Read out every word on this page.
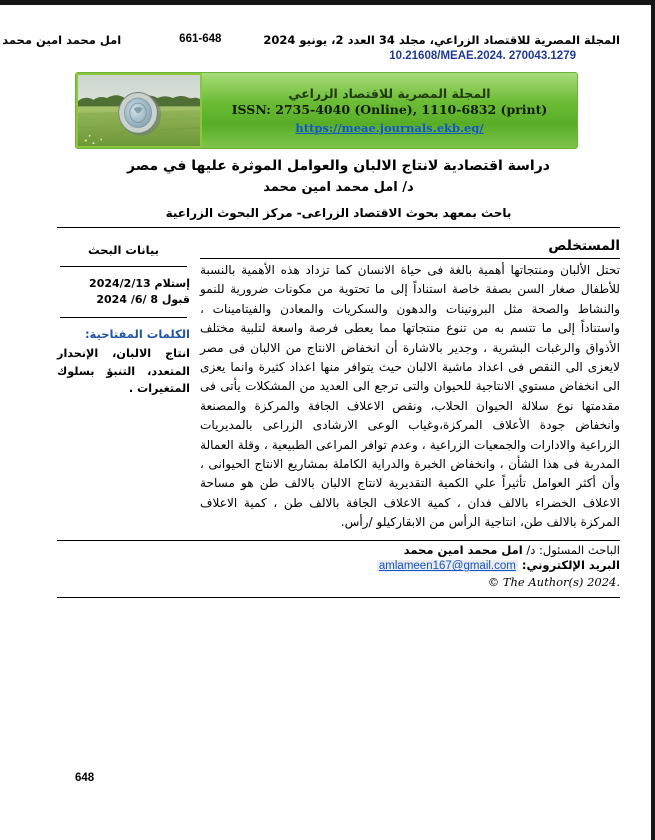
المجلة المصرية للاقتصاد الزراعي، مجلد 34 العدد 2، يونيو 2024
661-648
امل محمد امين محمد
10.21608/MEAE.2024. 270043.1279
المجلة المصرية للاقتصاد الزراعي
ISSN: 2735-4040 (Online), 1110-6832 (print)
https://meae.journals.ekb.eg/
دراسة اقتصادية لانتاج الالبان والعوامل الموثرة عليها في مصر
د/ امل محمد امين محمد
باحث بمعهد بحوث الاقتصاد الزراعى- مركز البحوث الزراعية
المستخلص

تحتل الألبان ومنتجاتها أهمية بالغة فى حياة الانسان كما تزداد هذه الأهمية بالنسبة للأطفال صغار السن بصفة خاصة استناداً إلى ما تحتوية من مكونات ضرورية للنمو والنشاط والصحة مثل البروتينات والدهون والسكريات والمعادن والفيتامينات ، واستناداً إلى ما تتسم به من تنوع منتجاتها مما يعطى فرصة واسعة لتلبية مختلف الأذواق والرغبات البشرية ، وجدير بالاشارة أن انخفاض الانتاج من الالبان فى مصر لايعزى الى النقص فى اعداد ماشية الالبان حيث يتوافر منها اعداد كثيرة وانما يعزى الى انخفاض مستوي الانتاجية للحيوان والتى ترجع الى العديد من المشكلات يأتى فى مقدمتها نوع سلالة الحيوان الحلاب، ونقص الاعلاف الجافة والمركزة والمصنعة وانخفاض جودة الأعلاف المركزة،وغياب الوعى الارشادى الزراعى بالمديريات الزراعية والادارات والجمعيات الزراعية ، وعدم توافر المراعى الطبيعية ، وقلة العمالة المدربة فى هذا الشأن ، وانخفاض الخبرة والدراية الكاملة بمشاريع الانتاج الحيوانى ، وأن أكثر العوامل تأثيراً علي الكمية التقديرية لانتاج الالبان بالالف طن هو مساحة الاعلاف الخضراء بالالف فدان ، كمية الاعلاف الجافة بالالف طن ، كمية الاعلاف المركزة بالالف طن، انتاجية الرأس من الابقاركيلو /رأس.

بيانات البحث
إستلام 2024/2/13
قبول 8 /6/ 2024
الكلمات المفتاحية:
انتاج الالبان، الإنحدار المتعدد، التنبؤ بسلوك المتغيرات .
الباحث المسئول: د/ امل محمد امين محمد
البريد الإلكتروني: amlameen167@gmail.com
© The Author(s) 2024.
648
